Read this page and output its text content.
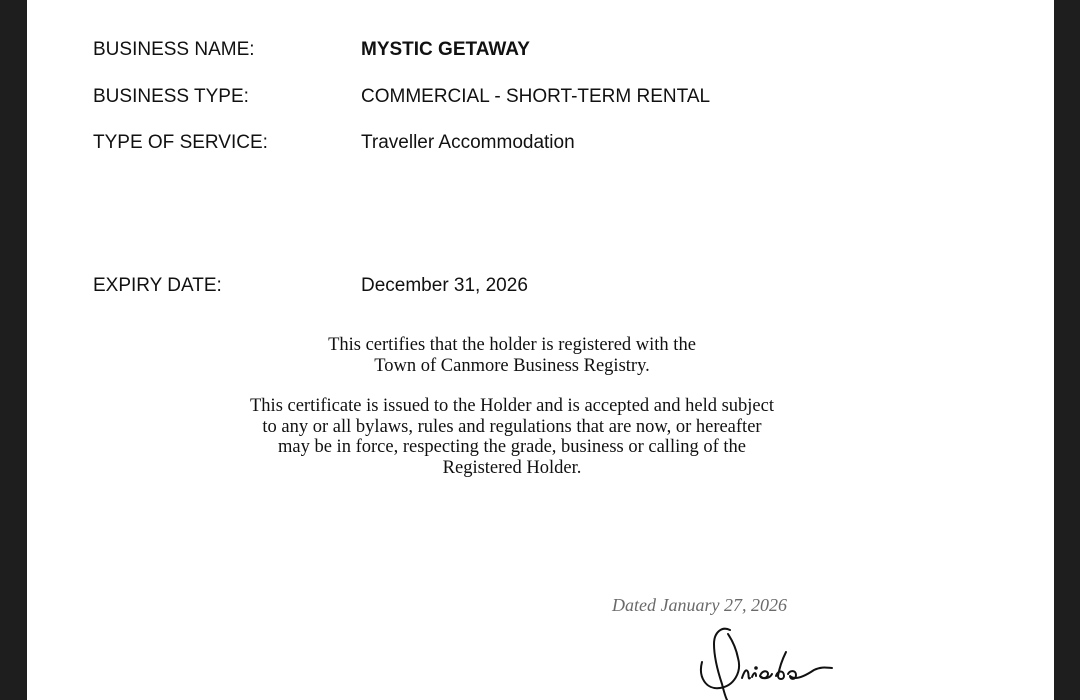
BUSINESS NAME:	MYSTIC GETAWAY
BUSINESS TYPE:	COMMERCIAL - SHORT-TERM RENTAL
TYPE OF SERVICE:	Traveller Accommodation
EXPIRY DATE:	December 31, 2026
This certifies that the holder is registered with the
Town of Canmore Business Registry.
This certificate is issued to the Holder and is accepted and held subject
to any or all bylaws, rules and regulations that are now, or hereafter
may be in force, respecting the grade, business or calling of the
Registered Holder.
Dated January 27, 2026
